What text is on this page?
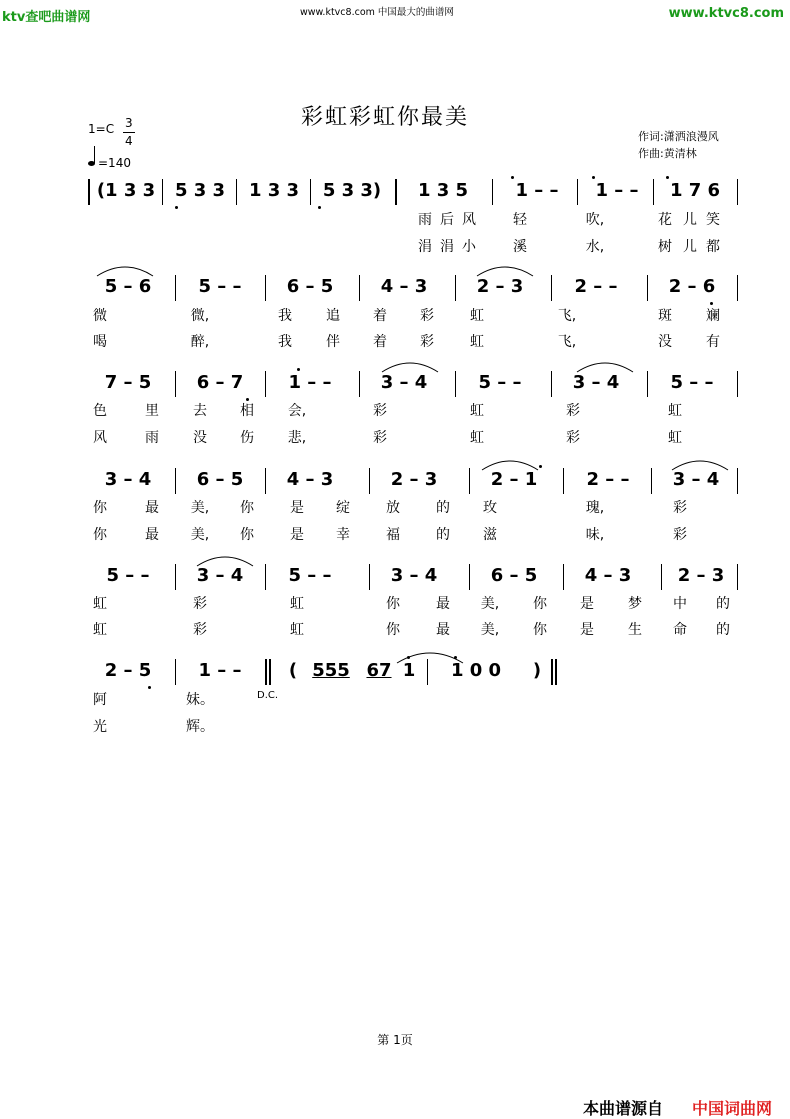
ktv查吧曲谱网	www.ktvc8.com 中国最大的曲谱网	www.ktvc8.com
彩虹彩虹你最美
1=C 3
4
=140
作词:潇洒浪漫风
作曲:黄清林
(1 3 3	5 3 3	1 3 3	5 3 3)	1 3 5	1 – –	1 – –	1 7 6
雨 后 风	轻	吹,	花 儿 笑
涓 涓 小	溪	水,	树 儿 都
5 – 6	5 – –	6 – 5	4 – 3	2 – 3	2 – –	2 – 6
微	微,	我	追	着	彩	虹	飞,	斑	斓
喝	醉,	我	伴	着	彩	虹	飞,	没	有
7 – 5	6 – 7	1 – –	3 – 4	5 – –	3 – 4	5 – –
色	里	去	相	会,	彩	虹	彩	虹
风	雨	没	伤	悲,	彩	虹	彩	虹
3 – 4	6 – 5	4 – 3	2 – 3	2 – 1	2 – –	3 – 4
你	最	美,	你	是	绽	放	的	玫	瑰,	彩
你	最	美,	你	是	幸	福	的	滋	味,	彩
5 – –	3 – 4	5 – –	3 – 4	6 – 5	4 – 3	2 – 3
虹	彩	虹	你	最	美,	你	是	梦	中	的
虹	彩	虹	你	最	美,	你	是	生	命	的
2 – 5	1 – –	( 555 67 1	1 0 0	)
阿	妹。	D.C.
光	辉。
第 1页
本曲谱源自 中国词曲网
